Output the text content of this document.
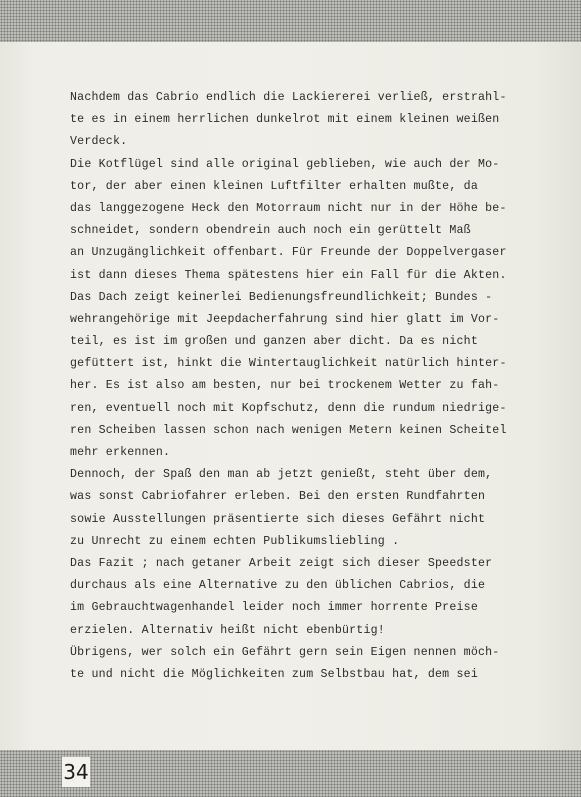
Nachdem das Cabrio endlich die Lackiererei verließ, erstrahl-
te es in einem herrlichen dunkelrot mit einem kleinen weißen
Verdeck.
Die Kotflügel sind alle original geblieben, wie auch der Mo-
tor, der aber einen kleinen Luftfilter erhalten mußte, da
das langgezogene Heck den Motorraum nicht nur in der Höhe be-
schneidet, sondern obendrein auch noch ein gerüttelt Maß
an Unzugänglichkeit offenbart. Für Freunde der Doppelvergaser
ist dann dieses Thema spätestens hier ein Fall für die Akten.
Das Dach zeigt keinerlei Bedienungsfreundlichkeit; Bundes -
wehrangehörige mit Jeepdacherfahrung sind hier glatt im Vor-
teil, es ist im großen und ganzen aber dicht. Da es nicht
gefüttert ist, hinkt die Wintertauglichkeit natürlich hinter-
her. Es ist also am besten, nur bei trockenem Wetter zu fah-
ren, eventuell noch mit Kopfschutz, denn die rundum niedrige-
ren Scheiben lassen schon nach wenigen Metern keinen Scheitel
mehr erkennen.
Dennoch, der Spaß den man ab jetzt genießt, steht über dem,
was sonst Cabriofahrer erleben. Bei den ersten Rundfahrten
sowie Ausstellungen präsentierte sich dieses Gefährt nicht
zu Unrecht zu einem echten Publikumsliebling .
Das Fazit ; nach getaner Arbeit zeigt sich dieser Speedster
durchaus als eine Alternative zu den üblichen Cabrios, die
im Gebrauchtwagenhandel leider noch immer horrente Preise
erzielen. Alternativ heißt nicht ebenbürtig!
Übrigens, wer solch ein Gefährt gern sein Eigen nennen möch-
te und nicht die Möglichkeiten zum Selbstbau hat, dem sei
34
